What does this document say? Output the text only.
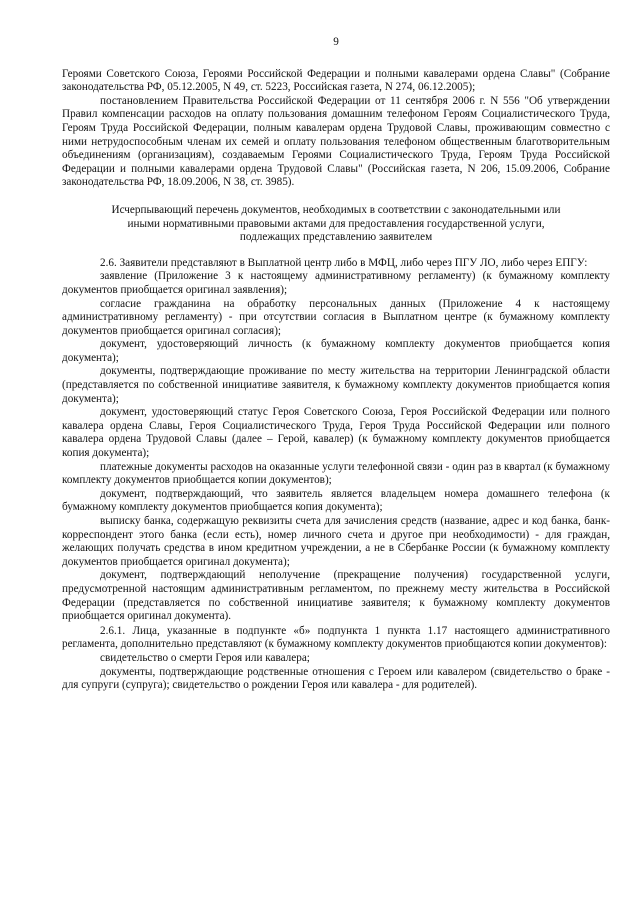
9

Героями Советского Союза, Героями Российской Федерации и полными кавалерами ордена Славы" (Собрание законодательства РФ, 05.12.2005, N 49, ст. 5223, Российская газета, N 274, 06.12.2005);

постановлением Правительства Российской Федерации от 11 сентября 2006 г. N 556 "Об утверждении Правил компенсации расходов на оплату пользования домашним телефоном Героям Социалистического Труда, Героям Труда Российской Федерации, полным кавалерам ордена Трудовой Славы, проживающим совместно с ними нетрудоспособным членам их семей и оплату пользования телефоном общественным благотворительным объединениям (организациям), создаваемым Героями Социалистического Труда, Героям Труда Российской Федерации и полными кавалерами ордена Трудовой Славы" (Российская газета, N 206, 15.09.2006, Собрание законодательства РФ, 18.09.2006, N 38, ст. 3985).

Исчерпывающий перечень документов, необходимых в соответствии с законодательными или
иными нормативными правовыми актами для предоставления государственной услуги,
подлежащих представлению заявителем

2.6. Заявители представляют в Выплатной центр либо в МФЦ, либо через ПГУ ЛО, либо через ЕПГУ:

заявление (Приложение 3 к настоящему административному регламенту) (к бумажному комплекту документов приобщается оригинал заявления);

согласие гражданина на обработку персональных данных (Приложение 4 к настоящему административному регламенту) - при отсутствии согласия в Выплатном центре (к бумажному комплекту документов приобщается оригинал согласия);

документ, удостоверяющий личность (к бумажному комплекту документов приобщается копия документа);

документы, подтверждающие проживание по месту жительства на территории Ленинградской области (представляется по собственной инициативе заявителя, к бумажному комплекту документов приобщается копия документа);

документ, удостоверяющий статус Героя Советского Союза, Героя Российской Федерации или полного кавалера ордена Славы, Героя Социалистического Труда, Героя Труда Российской Федерации или полного кавалера ордена Трудовой Славы (далее – Герой, кавалер) (к бумажному комплекту документов приобщается копия документа);

платежные документы расходов на оказанные услуги телефонной связи - один раз в квартал (к бумажному комплекту документов приобщается копии документов);

документ, подтверждающий, что заявитель является владельцем номера домашнего телефона (к бумажному комплекту документов приобщается копия документа);

выписку банка, содержащую реквизиты счета для зачисления средств (название, адрес и код банка, банк-корреспондент этого банка (если есть), номер личного счета и другое при необходимости) - для граждан, желающих получать средства в ином кредитном учреждении, а не в Сбербанке России (к бумажному комплекту документов приобщается оригинал документа);

документ, подтверждающий неполучение (прекращение получения) государственной услуги, предусмотренной настоящим административным регламентом, по прежнему месту жительства в Российской Федерации (представляется по собственной инициативе заявителя; к бумажному комплекту документов приобщается оригинал документа).

2.6.1. Лица, указанные в подпункте «б» подпункта 1 пункта 1.17 настоящего административного регламента, дополнительно представляют (к бумажному комплекту документов приобщаются копии документов):

свидетельство о смерти Героя или кавалера;

документы, подтверждающие родственные отношения с Героем или кавалером (свидетельство о браке - для супруги (супруга); свидетельство о рождении Героя или кавалера - для родителей).
